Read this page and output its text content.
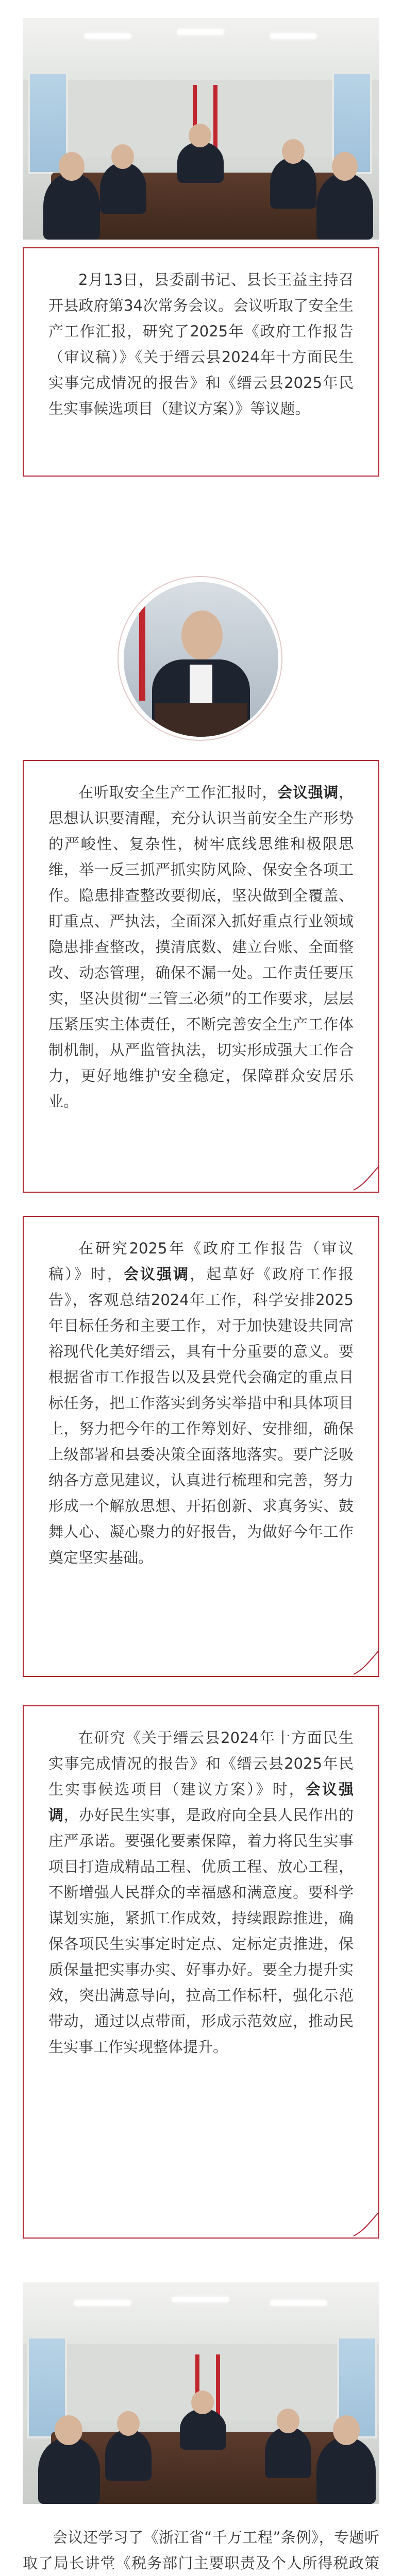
2月13日，县委副书记、县长王益主持召开县政府第34次常务会议。会议听取了安全生产工作汇报，研究了2025年《政府工作报告（审议稿）》《关于缙云县2024年十方面民生实事完成情况的报告》和《缙云县2025年民生实事候选项目（建议方案）》等议题。

在听取安全生产工作汇报时，会议强调，思想认识要清醒，充分认识当前安全生产形势的严峻性、复杂性，树牢底线思维和极限思维，举一反三抓严抓实防风险、保安全各项工作。隐患排查整改要彻底，坚决做到全覆盖、盯重点、严执法，全面深入抓好重点行业领域隐患排查整改，摸清底数、建立台账、全面整改、动态管理，确保不漏一处。工作责任要压实，坚决贯彻“三管三必须”的工作要求，层层压紧压实主体责任，不断完善安全生产工作体制机制，从严监管执法，切实形成强大工作合力，更好地维护安全稳定，保障群众安居乐业。

在研究2025年《政府工作报告（审议稿）》时，会议强调，起草好《政府工作报告》，客观总结2024年工作，科学安排2025年目标任务和主要工作，对于加快建设共同富裕现代化美好缙云，具有十分重要的意义。要根据省市工作报告以及县党代会确定的重点目标任务，把工作落实到务实举措中和具体项目上，努力把今年的工作筹划好、安排细，确保上级部署和县委决策全面落地落实。要广泛吸纳各方意见建议，认真进行梳理和完善，努力形成一个解放思想、开拓创新、求真务实、鼓舞人心、凝心聚力的好报告，为做好今年工作奠定坚实基础。

在研究《关于缙云县2024年十方面民生实事完成情况的报告》和《缙云县2025年民生实事候选项目（建议方案）》时，会议强调，办好民生实事，是政府向全县人民作出的庄严承诺。要强化要素保障，着力将民生实事项目打造成精品工程、优质工程、放心工程，不断增强人民群众的幸福感和满意度。要科学谋划实施，紧抓工作成效，持续跟踪推进，确保各项民生实事定时定点、定标定责推进，保质保量把实事办实、好事办好。要全力提升实效，突出满意导向，拉高工作标杆，强化示范带动，通过以点带面，形成示范效应，推动民生实事工作实现整体提升。

会议还学习了《浙江省“千万工程”条例》，专题听取了局长讲堂《税务部门主要职责及个人所得税政策
